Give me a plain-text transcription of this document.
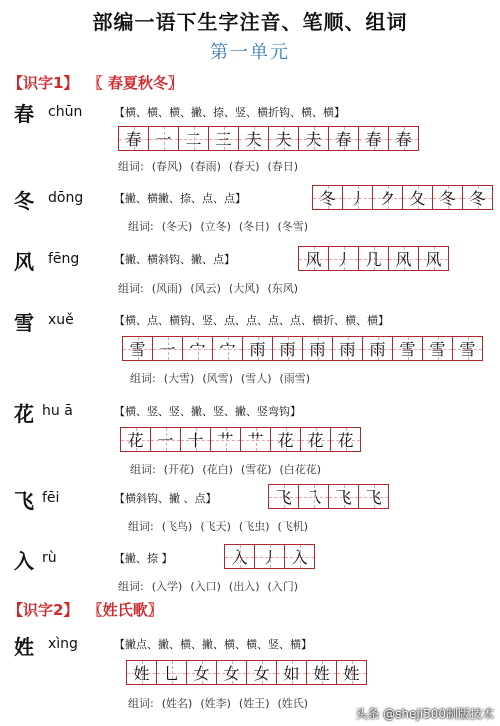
部编一语下生字注音、笔顺、组词
第一单元
【识字1】 〖 春夏秋冬〗
【识字2】 〖姓氏歌〗
春 chūn	【横、横、横、撇、捺、竖、横折钩、横、横】
春 一 二 三 夫 夫 夫 春 春 春
组词: (春风) (春雨) (春天) (春日)
冬 dōng	【撇、横撇、捺、点、点】	冬 丿 ク 夂 冬 冬
组词: (冬天) (立冬) (冬日) (冬雪)
风 fēng	【撇、横斜钩、撇、点】	风 丿 几 风 风
组词: (风雨) (风云) (大风) (东风)
雪 xuě	【横、点、横钩、竖、点、点、点、点、横折、横、横】
雪 一 宀 宀 雨 雨 雨 雨 雨 雪 雪 雪
组词: (大雪) (风雪) (雪人) (雨雪)
花 hu ā	【横、竖、竖、撇、竖、撇、竖弯钩】
花 一 十 艹 艹 花 花 花
组词: (开花) (花白) (雪花) (白花花)
飞 fēi	【横斜钩、撇 、点】	飞 乁 飞 飞
组词: (飞鸟) (飞天) (飞虫) (飞机)
入 rù	【撇、捺 】	入 丿 入
组词: (入学) (入口) (出入) (入门)
姓 xìng	【撇点、撇、横、撇、横、横、竖、横】
姓 乚 女 女 女 如 姓 姓
组词: (姓名) (姓李) (姓王) (姓氏)
头条 @sheji500制版技术
